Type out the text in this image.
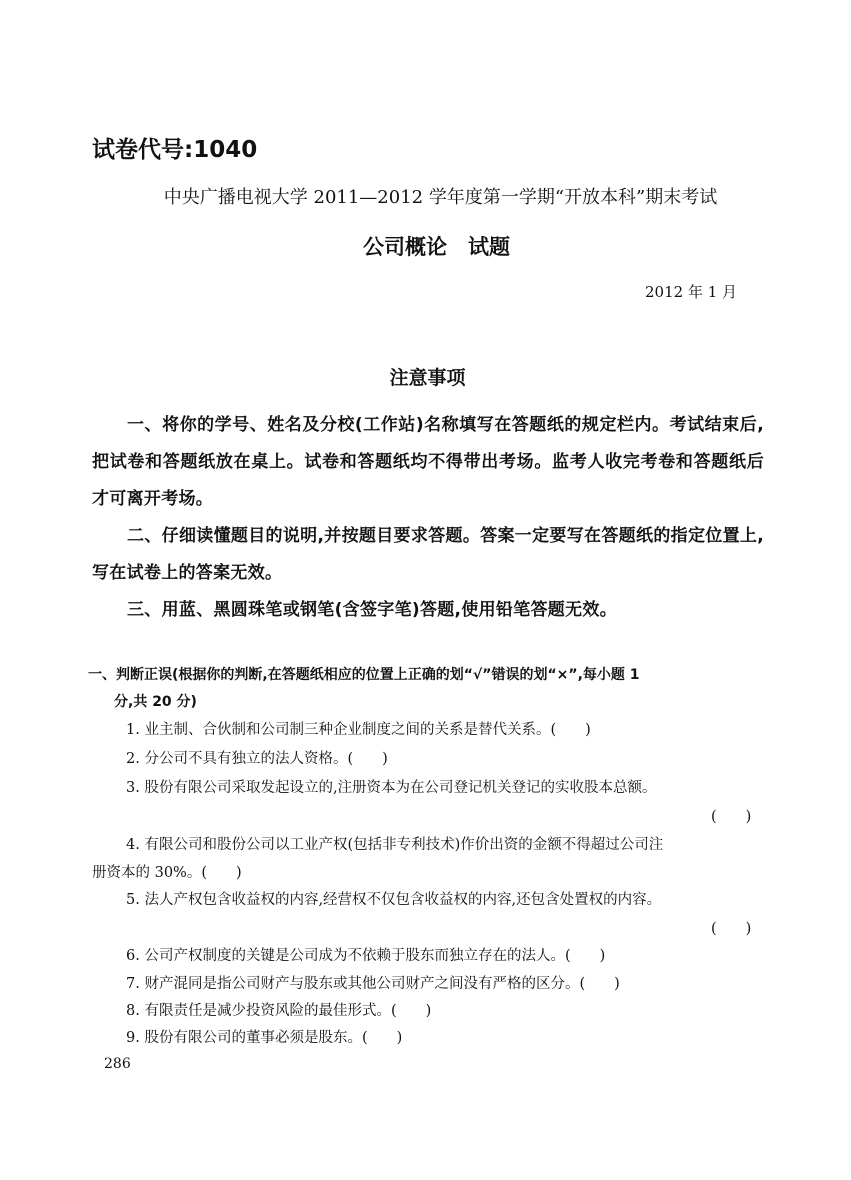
试卷代号:1040
中央广播电视大学 2011—2012 学年度第一学期“开放本科”期末考试
公司概论　试题
2012 年 1 月
注意事项
一、将你的学号、姓名及分校(工作站)名称填写在答题纸的规定栏内。考试结束后,把试卷和答题纸放在桌上。试卷和答题纸均不得带出考场。监考人收完考卷和答题纸后才可离开考场。
二、仔细读懂题目的说明,并按题目要求答题。答案一定要写在答题纸的指定位置上,写在试卷上的答案无效。
三、用蓝、黑圆珠笔或钢笔(含签字笔)答题,使用铅笔答题无效。
一、判断正误(根据你的判断,在答题纸相应的位置上正确的划“√”错误的划“×”,每小题 1
分,共 20 分)
1. 业主制、合伙制和公司制三种企业制度之间的关系是替代关系。(　　)
2. 分公司不具有独立的法人资格。(　　)
3. 股份有限公司采取发起设立的,注册资本为在公司登记机关登记的实收股本总额。
(　　)
4. 有限公司和股份公司以工业产权(包括非专利技术)作价出资的金额不得超过公司注
册资本的 30%。(　　)
5. 法人产权包含收益权的内容,经营权不仅包含收益权的内容,还包含处置权的内容。
(　　)
6. 公司产权制度的关键是公司成为不依赖于股东而独立存在的法人。(　　)
7. 财产混同是指公司财产与股东或其他公司财产之间没有严格的区分。(　　)
8. 有限责任是减少投资风险的最佳形式。(　　)
9. 股份有限公司的董事必须是股东。(　　)
286
